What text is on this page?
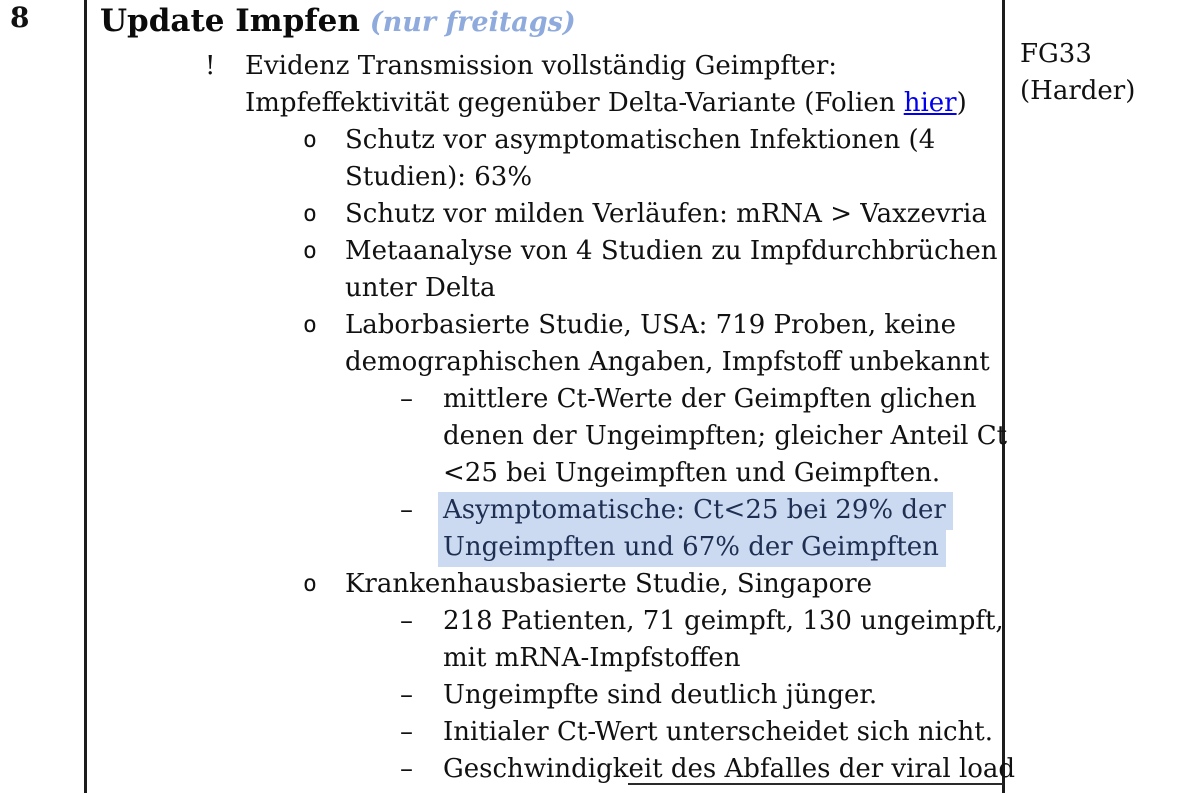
8 Update Impfen (nur freitags)
!	Evidenz Transmission vollständig Geimpfter:
Impfeffektivität gegenüber Delta-Variante (Folien hier)
o	Schutz vor asymptomatischen Infektionen (4
Studien): 63%
o	Schutz vor milden Verläufen: mRNA > Vaxzevria
o	Metaanalyse von 4 Studien zu Impfdurchbrüchen
unter Delta
o	Laborbasierte Studie, USA: 719 Proben, keine
demographischen Angaben, Impfstoff unbekannt
–	mittlere Ct-Werte der Geimpften glichen
denen der Ungeimpften; gleicher Anteil Ct
<25 bei Ungeimpften und Geimpften.
–	Asymptomatische: Ct<25 bei 29% der
Ungeimpften und 67% der Geimpften
o	Krankenhausbasierte Studie, Singapore
–	218 Patienten, 71 geimpft, 130 ungeimpft,
mit mRNA-Impfstoffen
–	Ungeimpfte sind deutlich jünger.
–	Initialer Ct-Wert unterscheidet sich nicht.
–	Geschwindigkeit des Abfalles der viral load
FG33
(Harder)
